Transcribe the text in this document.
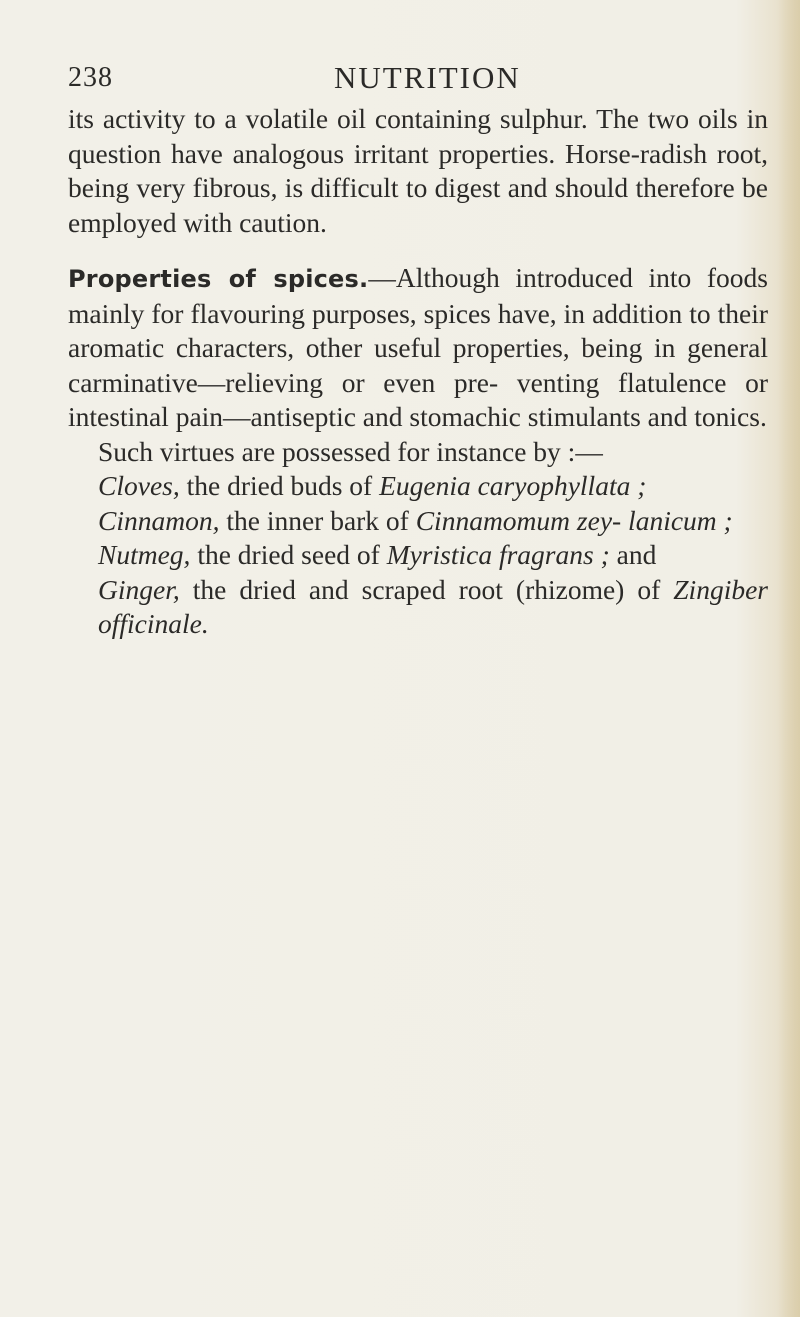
238	NUTRITION

its activity to a volatile oil containing sulphur. The two oils in question have analogous irritant properties. Horse-radish root, being very fibrous, is difficult to digest and should therefore be employed with caution.

Properties of spices.—Although introduced into foods mainly for flavouring purposes, spices have, in addition to their aromatic characters, other useful properties, being in general carminative—relieving or even pre- venting flatulence or intestinal pain—antiseptic and stomachic stimulants and tonics.

Such virtues are possessed for instance by :—
Cloves, the dried buds of Eugenia caryophyllata ;
Cinnamon, the inner bark of Cinnamomum zey- lanicum ;
Nutmeg, the dried seed of Myristica fragrans ; and
Ginger, the dried and scraped root (rhizome) of Zingiber officinale.
